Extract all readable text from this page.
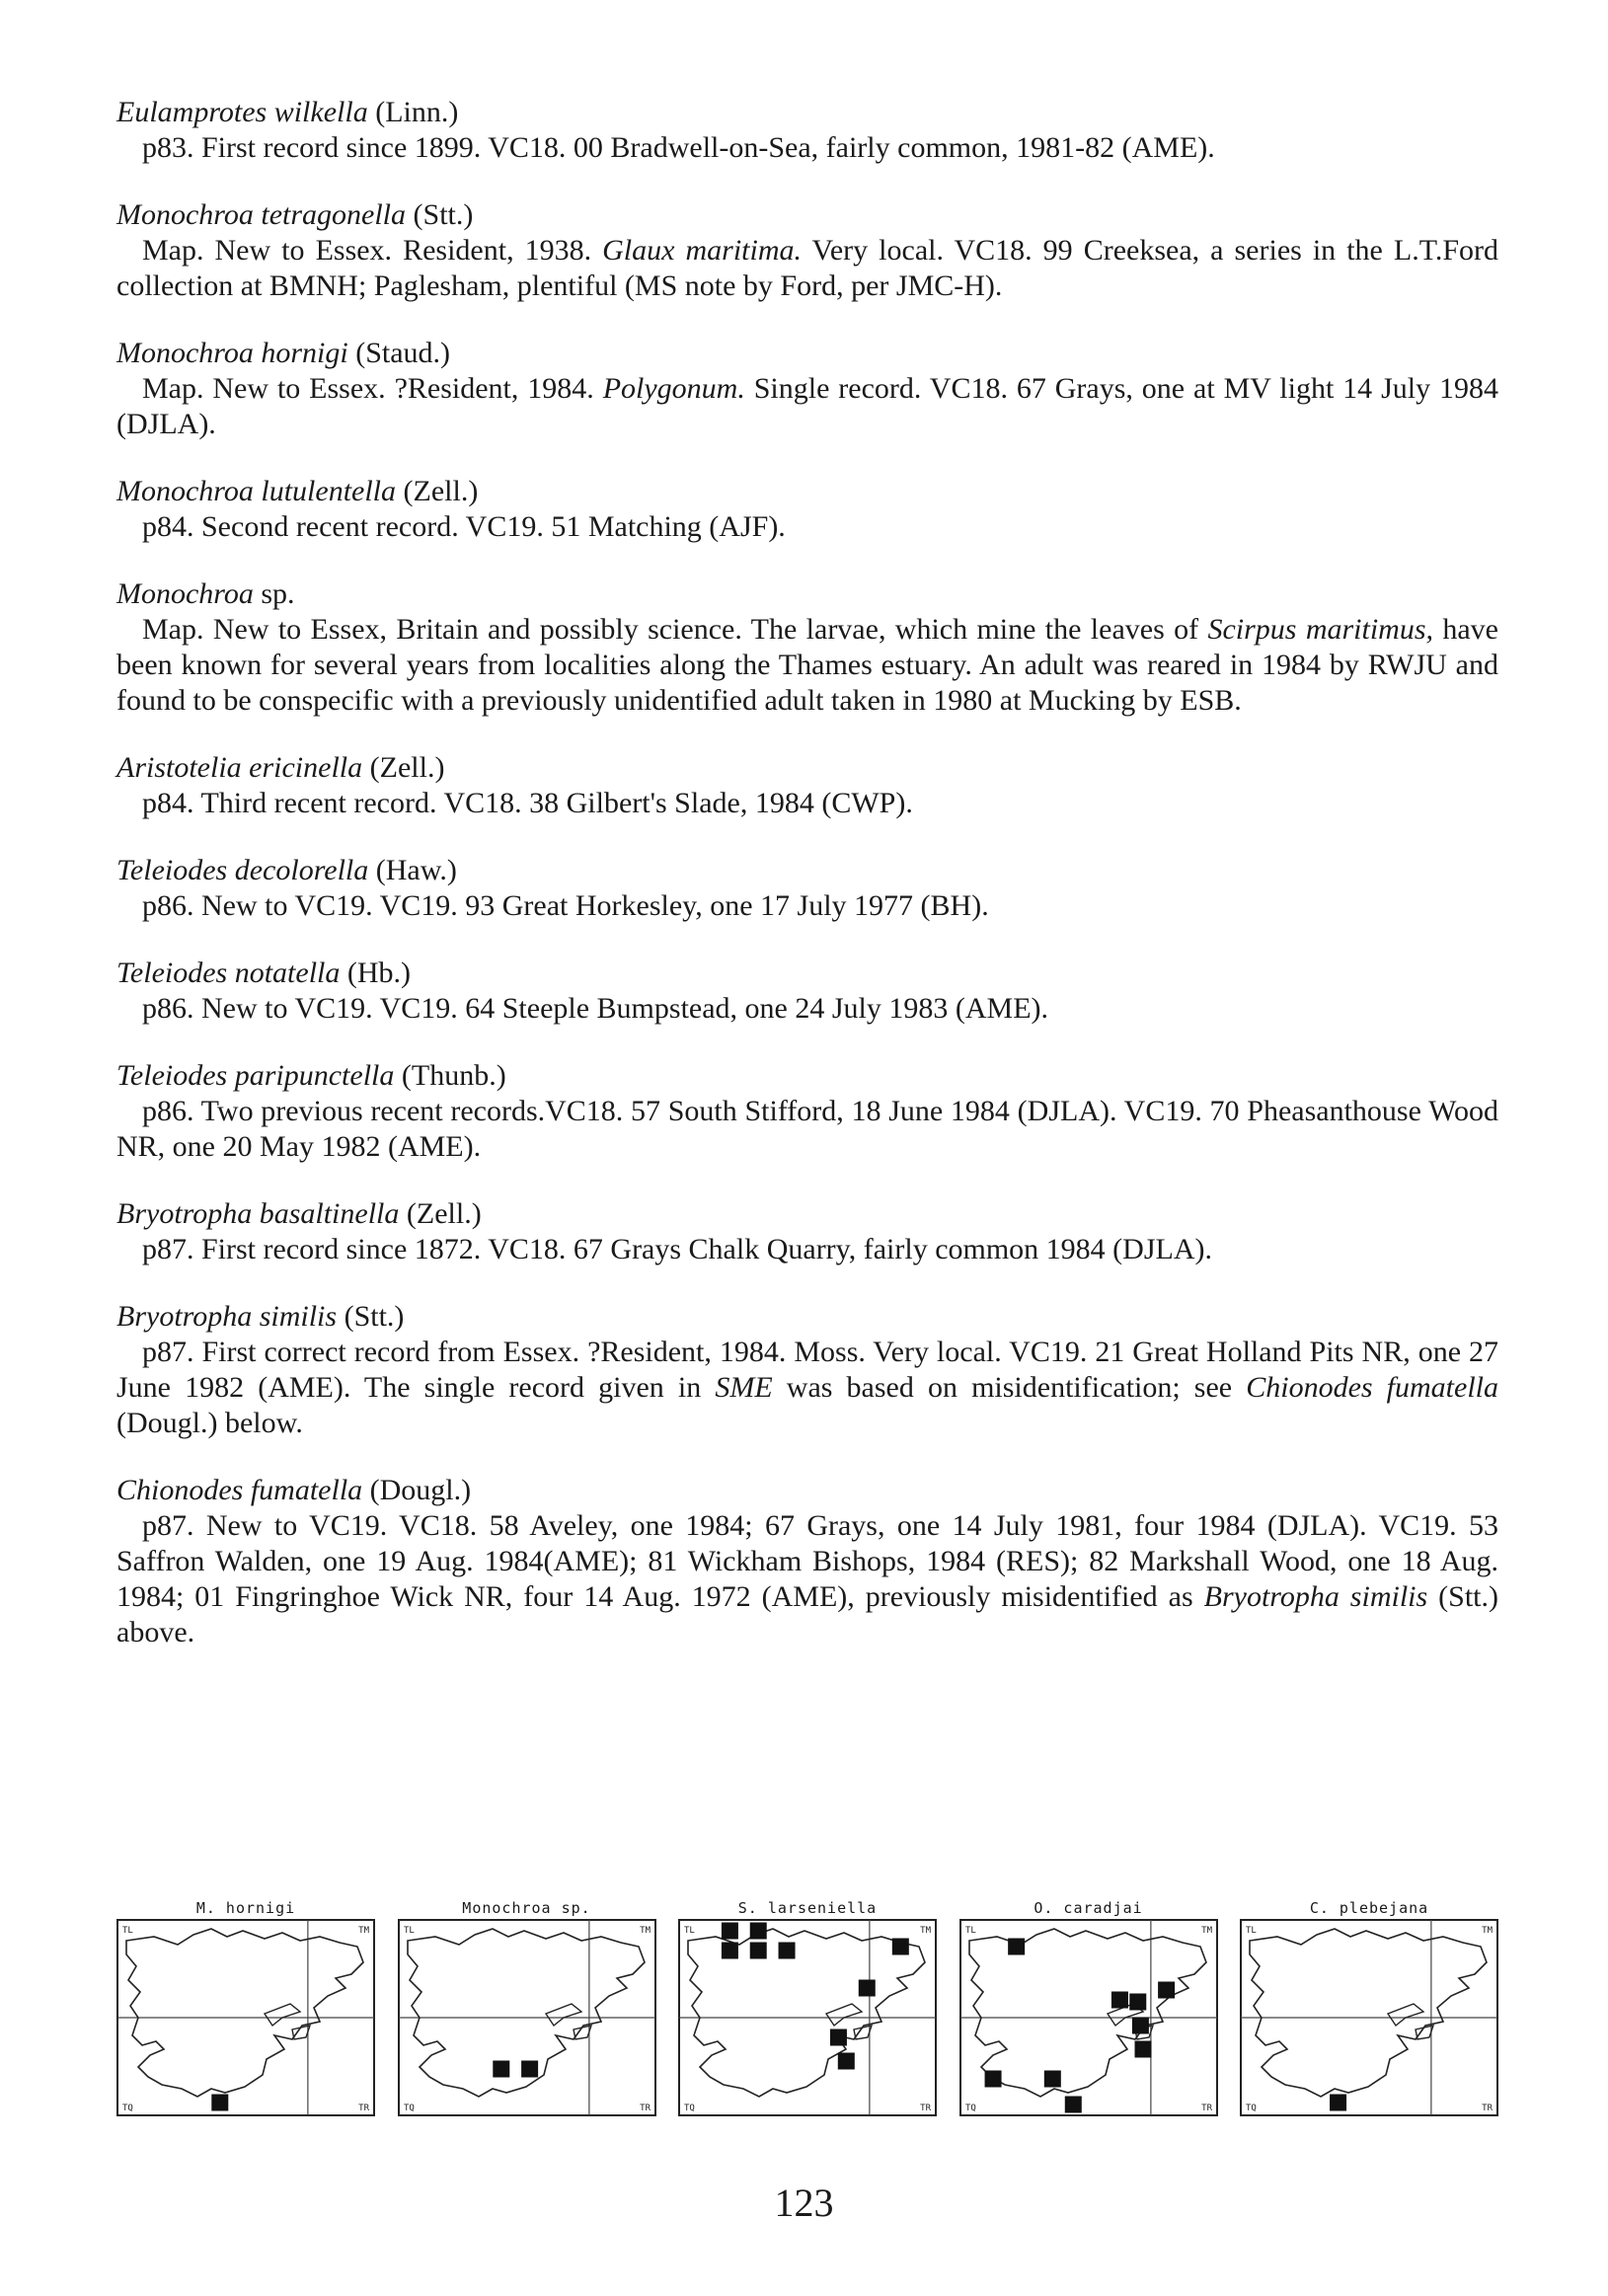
Eulamprotes wilkella (Linn.)
p83. First record since 1899. VC18. 00 Bradwell-on-Sea, fairly common, 1981-82 (AME).
Monochroa tetragonella (Stt.)
Map. New to Essex. Resident, 1938. Glaux maritima. Very local. VC18. 99 Creeksea, a series in the L.T.Ford collection at BMNH; Paglesham, plentiful (MS note by Ford, per JMC-H).
Monochroa hornigi (Staud.)
Map. New to Essex. ?Resident, 1984. Polygonum. Single record. VC18. 67 Grays, one at MV light 14 July 1984 (DJLA).
Monochroa lutulentella (Zell.)
p84. Second recent record. VC19. 51 Matching (AJF).
Monochroa sp.
Map. New to Essex, Britain and possibly science. The larvae, which mine the leaves of Scirpus maritimus, have been known for several years from localities along the Thames estuary. An adult was reared in 1984 by RWJU and found to be conspecific with a previously unidentified adult taken in 1980 at Mucking by ESB.
Aristotelia ericinella (Zell.)
p84. Third recent record. VC18. 38 Gilbert's Slade, 1984 (CWP).
Teleiodes decolorella (Haw.)
p86. New to VC19. VC19. 93 Great Horkesley, one 17 July 1977 (BH).
Teleiodes notatella (Hb.)
p86. New to VC19. VC19. 64 Steeple Bumpstead, one 24 July 1983 (AME).
Teleiodes paripunctella (Thunb.)
p86. Two previous recent records.VC18. 57 South Stifford, 18 June 1984 (DJLA). VC19. 70 Pheasanthouse Wood NR, one 20 May 1982 (AME).
Bryotropha basaltinella (Zell.)
p87. First record since 1872. VC18. 67 Grays Chalk Quarry, fairly common 1984 (DJLA).
Bryotropha similis (Stt.)
p87. First correct record from Essex. ?Resident, 1984. Moss. Very local. VC19. 21 Great Holland Pits NR, one 27 June 1982 (AME). The single record given in SME was based on misidentification; see Chionodes fumatella (Dougl.) below.
Chionodes fumatella (Dougl.)
p87. New to VC19. VC18. 58 Aveley, one 1984; 67 Grays, one 14 July 1981, four 1984 (DJLA). VC19. 53 Saffron Walden, one 19 Aug. 1984(AME); 81 Wickham Bishops, 1984 (RES); 82 Markshall Wood, one 18 Aug. 1984; 01 Fingringhoe Wick NR, four 14 Aug. 1972 (AME), previously misidentified as Bryotropha similis (Stt.) above.
M. hornigi
TL	TM
TQ	TR
Monochroa sp.
TL	TM
TQ	TR
S. larseniella
TL	TM
TQ	TR
O. caradjai
TL	TM
TQ	TR
C. plebejana
TL	TM
TQ	TR
123
